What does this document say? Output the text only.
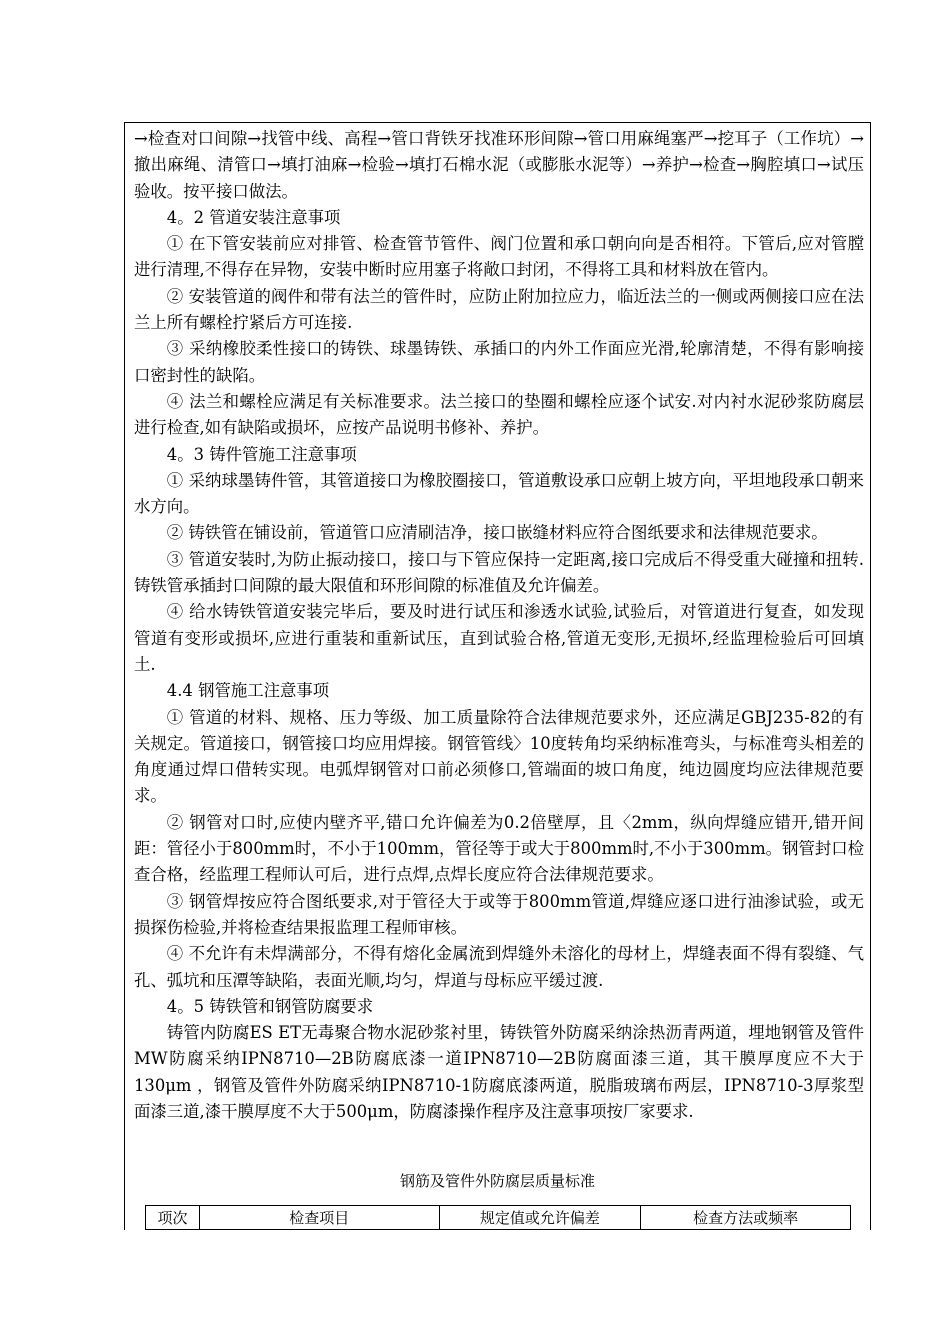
→检查对口间隙→找管中线、高程→管口背铁牙找准环形间隙→管口用麻绳塞严→挖耳子（工作坑）→撤出麻绳、清管口→填打油麻→检验→填打石棉水泥（或膨胀水泥等）→养护→检查→胸腔填口→试压验收。按平接口做法。

4。2 管道安装注意事项

① 在下管安装前应对排管、检查管节管件、阀门位置和承口朝向向是否相符。下管后,应对管膛进行清理,不得存在异物，安装中断时应用塞子将敞口封闭，不得将工具和材料放在管内。

② 安装管道的阀件和带有法兰的管件时，应防止附加拉应力，临近法兰的一侧或两侧接口应在法兰上所有螺栓拧紧后方可连接.

③ 采纳橡胶柔性接口的铸铁、球墨铸铁、承插口的内外工作面应光滑,轮廓清楚，不得有影响接口密封性的缺陷。

④ 法兰和螺栓应满足有关标准要求。法兰接口的垫圈和螺栓应逐个试安.对内衬水泥砂浆防腐层进行检查,如有缺陷或损坏，应按产品说明书修补、养护。

4。3 铸件管施工注意事项

① 采纳球墨铸件管，其管道接口为橡胶圈接口，管道敷设承口应朝上坡方向，平坦地段承口朝来水方向。

② 铸铁管在铺设前，管道管口应清刷洁净，接口嵌缝材料应符合图纸要求和法律规范要求。

③ 管道安装时,为防止振动接口，接口与下管应保持一定距离,接口完成后不得受重大碰撞和扭转.铸铁管承插封口间隙的最大限值和环形间隙的标准值及允许偏差。

④ 给水铸铁管道安装完毕后，要及时进行试压和渗透水试验,试验后，对管道进行复查，如发现管道有变形或损坏,应进行重装和重新试压，直到试验合格,管道无变形,无损坏,经监理检验后可回填土.

4.4 钢管施工注意事项

① 管道的材料、规格、压力等级、加工质量除符合法律规范要求外，还应满足GBJ235-82的有关规定。管道接口，钢管接口均应用焊接。钢管管线〉10度转角均采纳标准弯头，与标准弯头相差的角度通过焊口借转实现。电弧焊钢管对口前必须修口,管端面的坡口角度，纯边圆度均应法律规范要求。

② 钢管对口时,应使内壁齐平,错口允许偏差为0.2倍壁厚，且〈2mm，纵向焊缝应错开,错开间距：管径小于800mm时，不小于100mm，管径等于或大于800mm时,不小于300mm。钢管封口检查合格，经监理工程师认可后，进行点焊,点焊长度应符合法律规范要求。

③ 钢管焊按应符合图纸要求,对于管径大于或等于800mm管道,焊缝应逐口进行油渗试验，或无损探伤检验,并将检查结果报监理工程师审核。

④ 不允许有未焊满部分，不得有熔化金属流到焊缝外未溶化的母材上，焊缝表面不得有裂缝、气孔、弧坑和压潭等缺陷，表面光顺,均匀，焊道与母标应平缓过渡.

4。5 铸铁管和钢管防腐要求

铸管内防腐ES ET无毒聚合物水泥砂浆衬里，铸铁管外防腐采纳涂热沥青两道，埋地钢管及管件MW防腐采纳IPN8710—2B防腐底漆一道IPN8710—2B防腐面漆三道，其干膜厚度应不大于130μm ，钢管及管件外防腐采纳IPN8710-1防腐底漆两道，脱脂玻璃布两层，IPN8710-3厚浆型面漆三道,漆干膜厚度不大于500μm，防腐漆操作程序及注意事项按厂家要求.

钢筋及管件外防腐层质量标准
项次	检查项目	规定值或允许偏差	检查方法或频率
